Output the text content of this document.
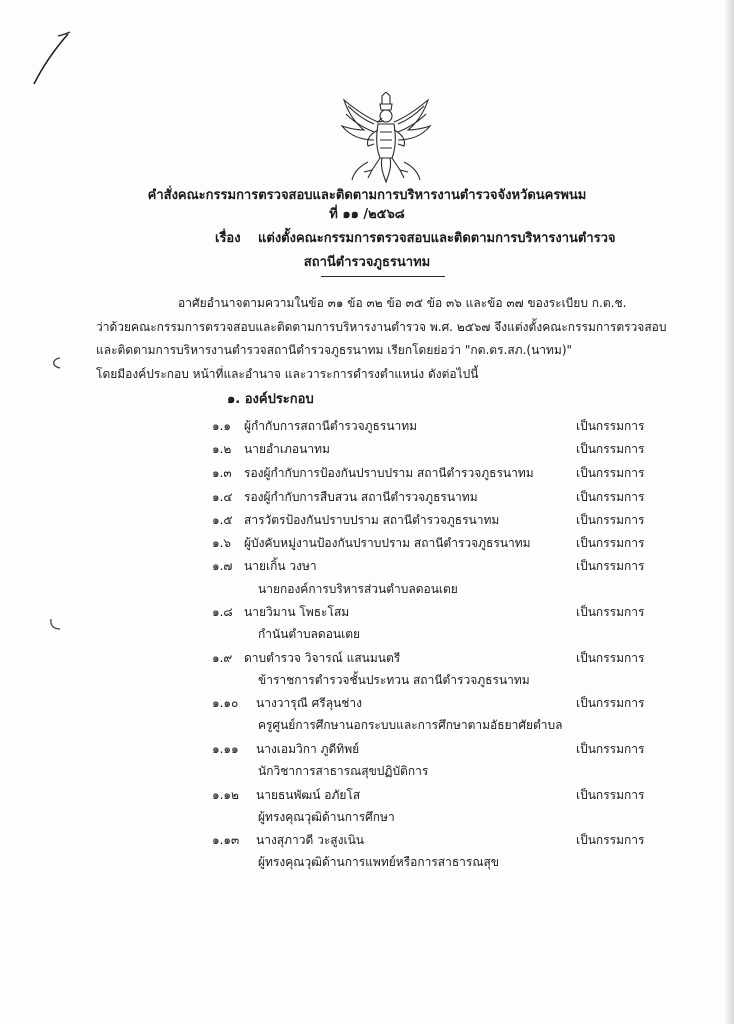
คำสั่งคณะกรรมการตรวจสอบและติดตามการบริหารงานตำรวจจังหวัดนครพนม
ที่ ๑๑ /๒๕๖๘
เรื่อง แต่งตั้งคณะกรรมการตรวจสอบและติดตามการบริหารงานตำรวจ
สถานีตำรวจภูธรนาทม
อาศัยอำนาจตามความในข้อ ๓๑ ข้อ ๓๒ ข้อ ๓๕ ข้อ ๓๖ และข้อ ๓๗ ของระเบียบ ก.ต.ช.
ว่าด้วยคณะกรรมการตรวจสอบและติดตามการบริหารงานตำรวจ พ.ศ. ๒๕๖๗ จึงแต่งตั้งคณะกรรมการตรวจสอบ
และติดตามการบริหารงานตำรวจสถานีตำรวจภูธรนาทม เรียกโดยย่อว่า "กต.ตร.สภ.(นาทม)"
โดยมีองค์ประกอบ หน้าที่และอำนาจ และวาระการดำรงตำแหน่ง ดังต่อไปนี้
๑. องค์ประกอบ
๑.๑ ผู้กำกับการสถานีตำรวจภูธรนาทม	เป็นกรรมการ
๑.๒ นายอำเภอนาทม	เป็นกรรมการ
๑.๓ รองผู้กำกับการป้องกันปราบปราม สถานีตำรวจภูธรนาทม	เป็นกรรมการ
๑.๔ รองผู้กำกับการสืบสวน สถานีตำรวจภูธรนาทม	เป็นกรรมการ
๑.๕ สารวัตรป้องกันปราบปราม สถานีตำรวจภูธรนาทม	เป็นกรรมการ
๑.๖ ผู้บังคับหมู่งานป้องกันปราบปราม สถานีตำรวจภูธรนาทม	เป็นกรรมการ
๑.๗ นายเกิ้น วงษา	เป็นกรรมการ
นายกองค์การบริหารส่วนตำบลดอนเตย
๑.๘ นายวิมาน โพธะโสม	เป็นกรรมการ
กำนันตำบลดอนเตย
๑.๙ ดาบตำรวจ วิจารณ์ แสนมนตรี	เป็นกรรมการ
ข้าราชการตำรวจชั้นประทวน สถานีตำรวจภูธรนาทม
๑.๑๐ นางวารุณี ศรีลุนช่าง	เป็นกรรมการ
ครูศูนย์การศึกษานอกระบบและการศึกษาตามอัธยาศัยตำบล
๑.๑๑ นางเอมวิกา ภูดีทิพย์	เป็นกรรมการ
นักวิชาการสาธารณสุขปฏิบัติการ
๑.๑๒ นายธนพัฒน์ อภัยโส	เป็นกรรมการ
ผู้ทรงคุณวุฒิด้านการศึกษา
๑.๑๓ นางสุภาวดี วะสูงเนิน	เป็นกรรมการ
ผู้ทรงคุณวุฒิด้านการแพทย์หรือการสาธารณสุข
